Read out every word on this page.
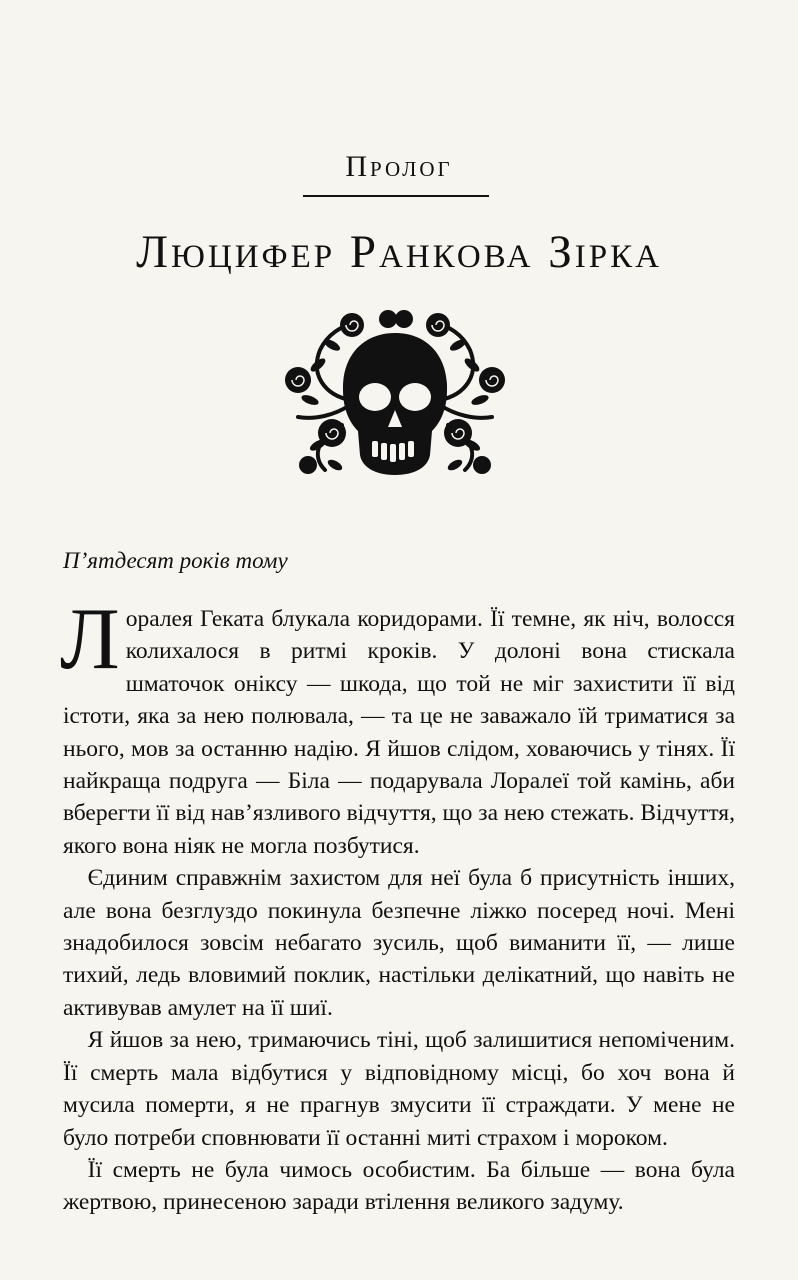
Пролог
Люцифер Ранкова Зірка
П’ятдесят років тому

Лоралея Геката блукала коридорами. Її темне, як ніч, волосся колихалося в ритмі кроків. У долоні вона стискала шматочок оніксу — шкода, що той не міг захистити її від істоти, яка за нею полювала, — та це не заважало їй триматися за нього, мов за останню надію. Я йшов слідом, ховаючись у тінях. Її найкраща подруга — Біла — подарувала Лоралеї той камінь, аби вберегти її від нав’язливого відчуття, що за нею стежать. Відчуття, якого вона ніяк не могла позбутися.

Єдиним справжнім захистом для неї була б присутність інших, але вона безглуздо покинула безпечне ліжко посеред ночі. Мені знадобилося зовсім небагато зусиль, щоб виманити її, — лише тихий, ледь вловимий поклик, настільки делікатний, що навіть не активував амулет на її шиї.

Я йшов за нею, тримаючись тіні, щоб залишитися непоміченим. Її смерть мала відбутися у відповідному місці, бо хоч вона й мусила померти, я не прагнув змусити її страждати. У мене не було потреби сповнювати її останні миті страхом і мороком.

Її смерть не була чимось особистим. Ба більше — вона була жертвою, принесеною заради втілення великого задуму.
